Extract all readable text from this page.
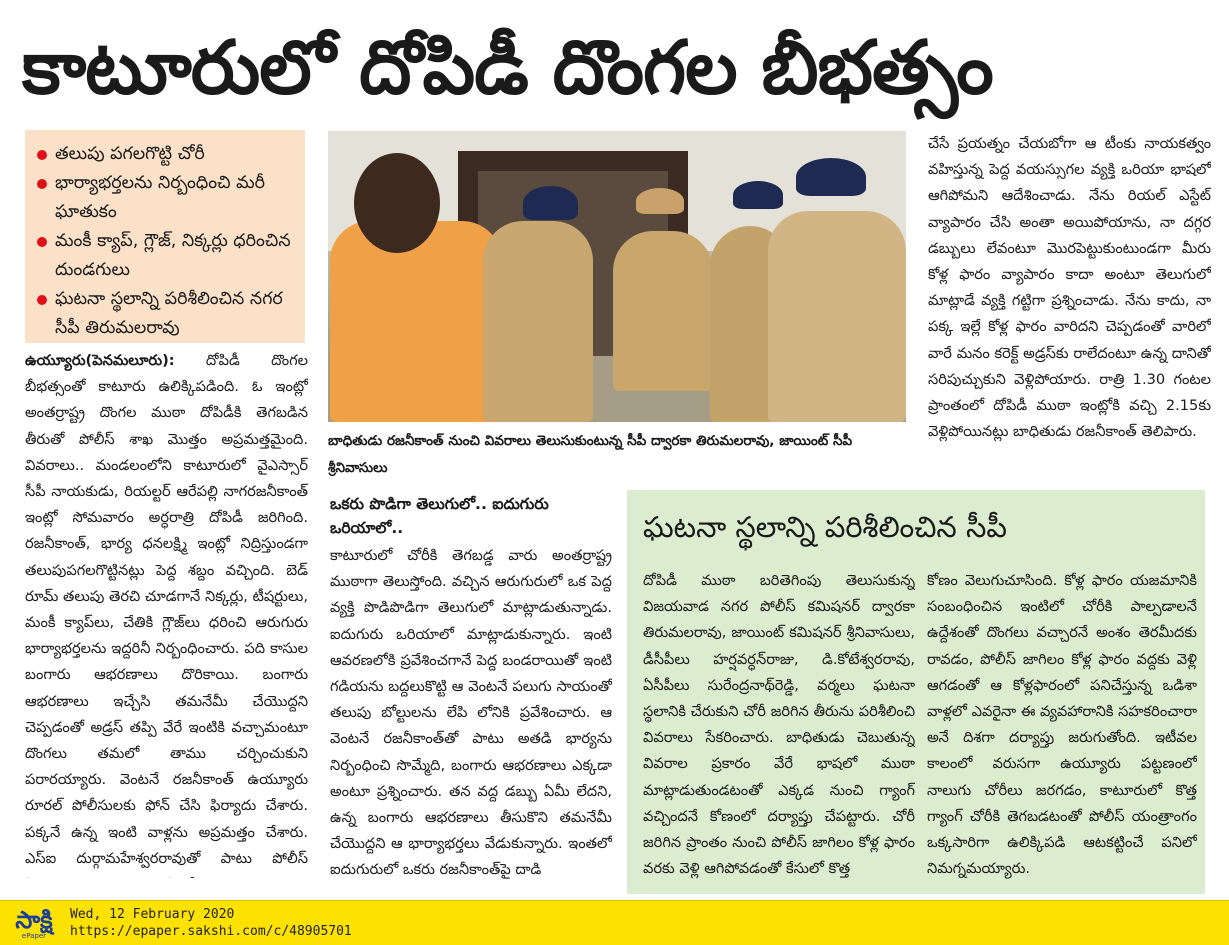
కాటూరులో దోపిడీ దొంగల బీభత్సం
తలుపు పగలగొట్టి చోరీ
భార్యాభర్తలను నిర్బంధించి మరీ ఘాతుకం
మంకీ క్యాప్‌, గ్లౌజ్‌, నిక్కర్లు ధరించిన దుండగులు
ఘటనా స్థలాన్ని పరిశీలించిన నగర సీపీ తిరుమలరావు
ఉయ్యూరు(పెనమలూరు): దోపిడీ దొంగల బీభత్సంతో కాటూరు ఉలిక్కిపడింది. ఓ ఇంట్లో అంతర్రాష్ట్ర దొంగల ముఠా దోపిడీకి తెగబడిన తీరుతో పోలీస్‌ శాఖ మొత్తం అప్రమత్తమైంది. వివరాలు.. మండలంలోని కాటూరులో వైఎస్సార్‌ సీపీ నాయకుడు, రియల్టర్‌ ఆరేపల్లి నాగరజనీకాంత్‌ ఇంట్లో సోమవారం అర్ధరాత్రి దోపిడీ జరిగింది. రజనీకాంత్‌, భార్య ధనలక్ష్మి ఇంట్లో నిద్రిస్తుండగా తలుపుపగలగొట్టినట్లు పెద్ద శబ్దం వచ్చింది. బెడ్‌ రూమ్‌ తలుపు తెరచి చూడగానే నిక్కర్లు, టీషర్టులు, మంకీ క్యాప్‌లు, చేతికి గ్లౌజ్‌లు ధరించి ఆరుగురు భార్యాభర్తలను ఇద్దరినీ నిర్బంధించారు. పది కాసుల బంగారు ఆభరణాలు దొరికాయి. బంగారు ఆభరణాలు ఇచ్చేసి తమనేమీ చేయొద్దని చెప్పడంతో అడ్రస్‌ తప్పి వేరే ఇంటికి వచ్చామంటూ దొంగలు తమలో తాము చర్చించుకుని పరారయ్యారు. వెంటనే రజనీకాంత్‌ ఉయ్యూరు రూరల్‌ పోలీసులకు ఫోన్‌ చేసి ఫిర్యాదు చేశారు. పక్కనే ఉన్న ఇంటి వాళ్లను అప్రమత్తం చేశారు. ఎస్‌ఐ దుర్గామహేశ్వరరావుతో పాటు పోలీస్‌
బాధితుడు రజనీకాంత్‌ నుంచి వివరాలు తెలుసుకుంటున్న సీపీ ద్వారకా తిరుమలరావు, జాయింట్‌ సీపీ శ్రీనివాసులు
ఒకరు పొడిగా తెలుగులో.. ఐదుగురు ఒరియాలో..
కాటూరులో చోరీకి తెగబడ్డ వారు అంతర్రాష్ట్ర ముఠాగా తెలుస్తోంది. వచ్చిన ఆరుగురులో ఒక పెద్ద వ్యక్తి పొడిపొడిగా తెలుగులో మాట్లాడుతున్నాడు. ఐదుగురు ఒరియాలో మాట్లాడుకున్నారు. ఇంటి ఆవరణలోకి ప్రవేశించగానే పెద్ద బండరాయితో ఇంటి గడియను బద్దలుకొట్టి ఆ వెంటనే పలుగు సాయంతో తలుపు బోల్టులను లేపి లోనికి ప్రవేశించారు. ఆ వెంటనే రజనీకాంత్‌తో పాటు అతడి భార్యను నిర్బంధించి సొమ్మేది, బంగారు ఆభరణాలు ఎక్కడా అంటూ ప్రశ్నించారు. తన వద్ద డబ్బు ఏమీ లేదని, ఉన్న బంగారు ఆభరణాలు తీసుకొని తమనేమీ చేయొద్దని ఆ భార్యాభర్తలు వేడుకున్నారు. ఇంతలో ఐదుగురులో ఒకరు రజనీకాంత్‌పై దాడి
చేసే ప్రయత్నం చేయబోగా ఆ టీంకు నాయకత్వం వహిస్తున్న పెద్ద వయస్సుగల వ్యక్తి ఒరియా భాషలో ఆగిపోమని ఆదేశించాడు. నేను రియల్‌ ఎస్టేట్‌ వ్యాపారం చేసి అంతా అయిపోయాను, నా దగ్గర డబ్బులు లేవంటూ మొరపెట్టుకుంటుండగా మీరు కోళ్ల ఫారం వ్యాపారం కాదా అంటూ తెలుగులో మాట్లాడే వ్యక్తి గట్టిగా ప్రశ్నించాడు. నేను కాదు, నా పక్క ఇల్లే కోళ్ల ఫారం వారిదని చెప్పడంతో వారిలో వారే మనం కరెక్ట్‌ అడ్రస్‌కు రాలేదంటూ ఉన్న దానితో సరిపుచ్చుకుని వెళ్లిపోయారు. రాత్రి 1.30 గంటల ప్రాంతంలో దోపిడీ ముఠా ఇంట్లోకి వచ్చి 2.15కు వెళ్లిపోయినట్లు బాధితుడు రజనీకాంత్‌ తెలిపారు.
ఘటనా స్థలాన్ని పరిశీలించిన సీపీ
దోపిడీ ముఠా బరితెగింపు తెలుసుకున్న విజయవాడ నగర పోలీస్‌ కమిషనర్‌ ద్వారకా తిరుమలరావు, జాయింట్‌ కమిషనర్‌ శ్రీనివాసులు, డీసీపీలు హర్షవర్ధన్‌రాజు, డి.కోటేశ్వరరావు, ఏసీపీలు సురేంద్రనాథ్‌రెడ్డి, వర్మలు ఘటనా స్థలానికి చేరుకుని చోరీ జరిగిన తీరును పరిశీలించి వివరాలు సేకరించారు. బాధితుడు చెబుతున్న వివరాల ప్రకారం వేరే భాషలో ముఠా మాట్లాడుతుండటంతో ఎక్కడ నుంచి గ్యాంగ్‌ వచ్చిందనే కోణంలో దర్యాప్తు చేపట్టారు. చోరీ జరిగిన ప్రాంతం నుంచి పోలీస్‌ జాగిలం కోళ్ల ఫారం వరకు వెళ్లి ఆగిపోవడంతో కేసులో కొత్త
కోణం వెలుగుచూసింది. కోళ్ల ఫారం యజమానికి సంబంధించిన ఇంటిలో చోరీకి పాల్పడాలనే ఉద్దేశంతో దొంగలు వచ్చారనే అంశం తెరమీదకు రావడం, పోలీస్‌ జాగిలం కోళ్ల ఫారం వద్దకు వెళ్లి ఆగడంతో ఆ కోళ్లఫారంలో పనిచేస్తున్న ఒడిశా వాళ్లలో ఎవరైనా ఈ వ్యవహారానికి సహకరించారా అనే దిశగా దర్యాప్తు జరుగుతోంది. ఇటీవల కాలంలో వరుసగా ఉయ్యూరు పట్టణంలో నాలుగు చోరీలు జరగడం, కాటూరులో కొత్త గ్యాంగ్‌ చోరీకి తెగబడటంతో పోలీస్‌ యంత్రాంగం ఒక్కసారిగా ఉలిక్కిపడి ఆటకట్టించే పనిలో నిమగ్నమయ్యారు.
సాక్షి
ePaper
Wed, 12 February 2020
https://epaper.sakshi.com/c/48905701
